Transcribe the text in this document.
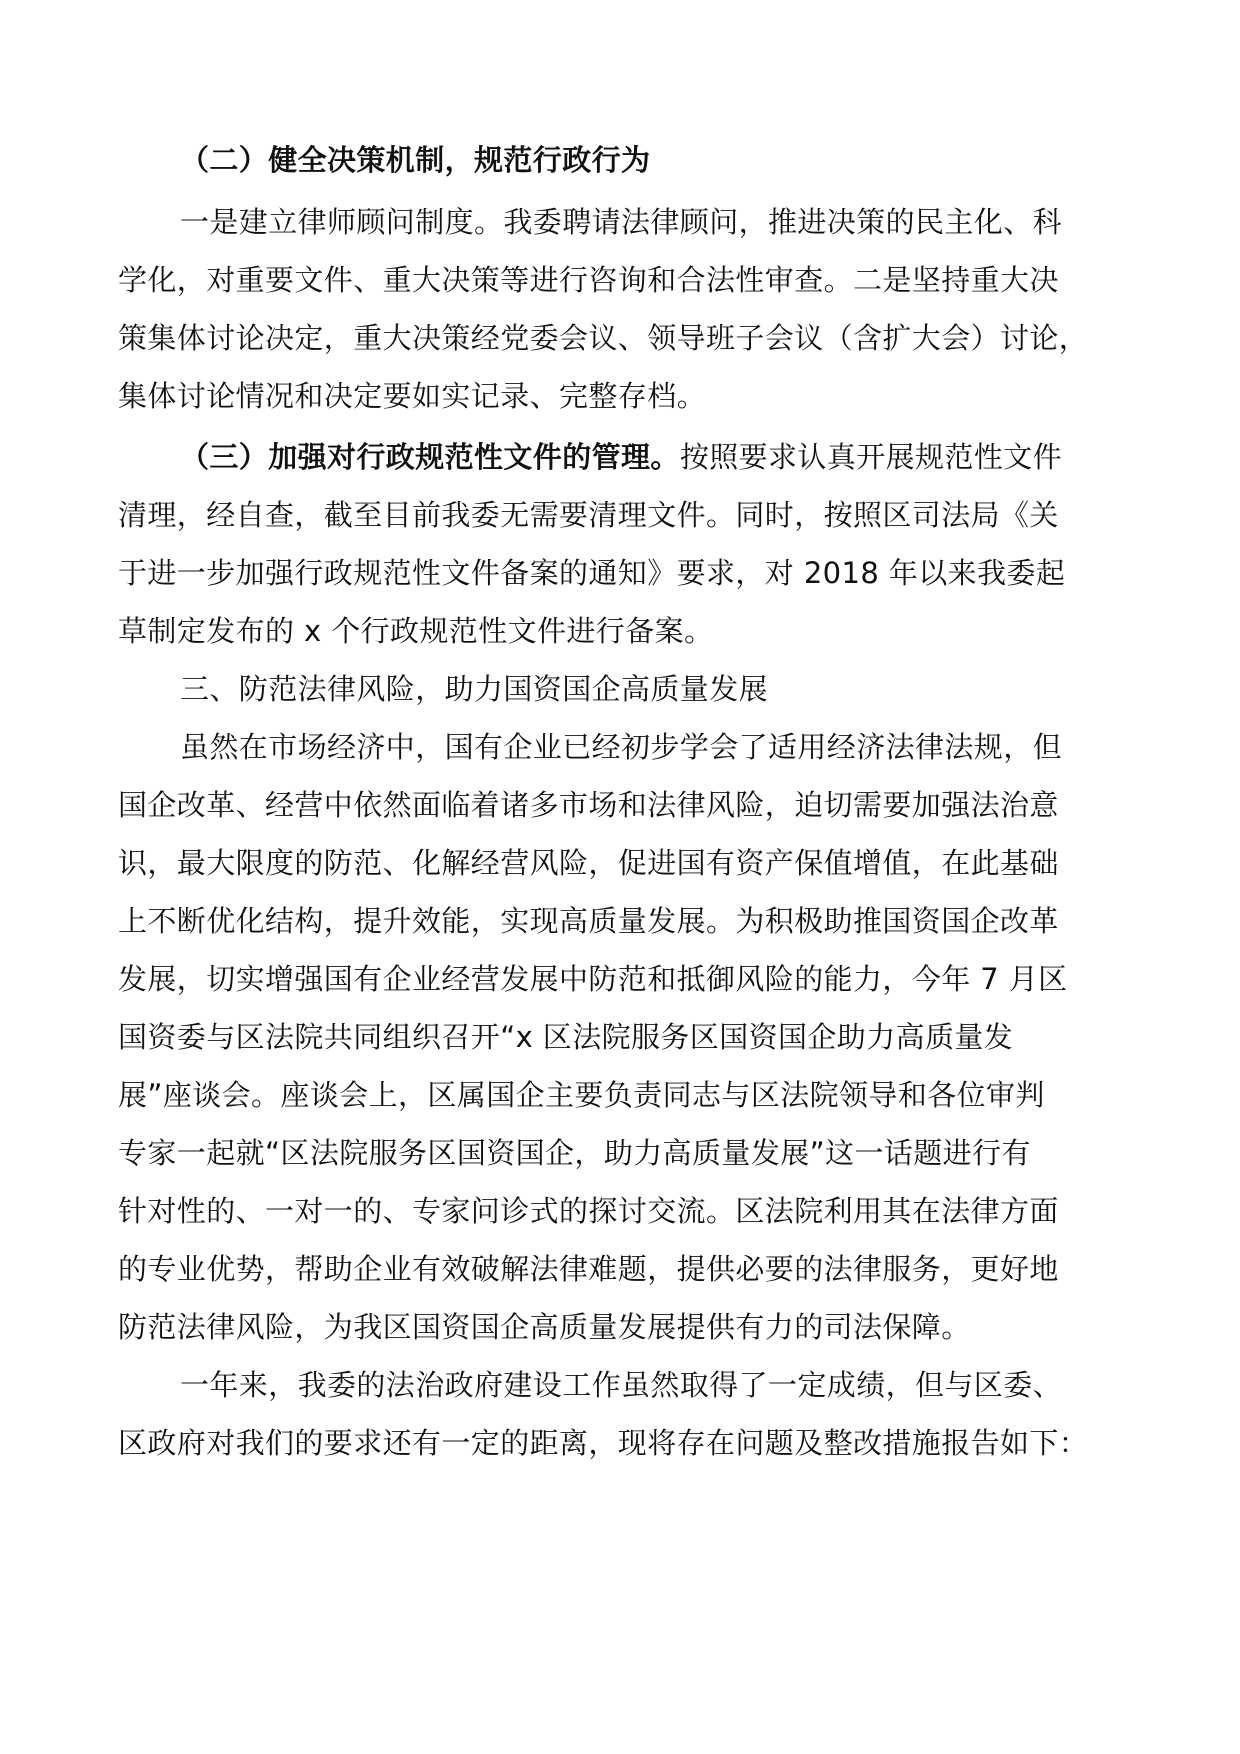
（二）健全决策机制，规范行政行为
一是建立律师顾问制度。我委聘请法律顾问，推进决策的民主化、科
学化，对重要文件、重大决策等进行咨询和合法性审查。二是坚持重大决
策集体讨论决定，重大决策经党委会议、领导班子会议（含扩大会）讨论，
集体讨论情况和决定要如实记录、完整存档。
（三）加强对行政规范性文件的管理。按照要求认真开展规范性文件
清理，经自查，截至目前我委无需要清理文件。同时，按照区司法局《关
于进一步加强行政规范性文件备案的通知》要求，对 2018 年以来我委起
草制定发布的 x 个行政规范性文件进行备案。
三、防范法律风险，助力国资国企高质量发展
虽然在市场经济中，国有企业已经初步学会了适用经济法律法规，但
国企改革、经营中依然面临着诸多市场和法律风险，迫切需要加强法治意
识，最大限度的防范、化解经营风险，促进国有资产保值增值，在此基础
上不断优化结构，提升效能，实现高质量发展。为积极助推国资国企改革
发展，切实增强国有企业经营发展中防范和抵御风险的能力，今年 7 月区
国资委与区法院共同组织召开“x 区法院服务区国资国企助力高质量发
展”座谈会。座谈会上，区属国企主要负责同志与区法院领导和各位审判
专家一起就“区法院服务区国资国企，助力高质量发展”这一话题进行有
针对性的、一对一的、专家问诊式的探讨交流。区法院利用其在法律方面
的专业优势，帮助企业有效破解法律难题，提供必要的法律服务，更好地
防范法律风险，为我区国资国企高质量发展提供有力的司法保障。
一年来，我委的法治政府建设工作虽然取得了一定成绩，但与区委、
区政府对我们的要求还有一定的距离，现将存在问题及整改措施报告如下：
